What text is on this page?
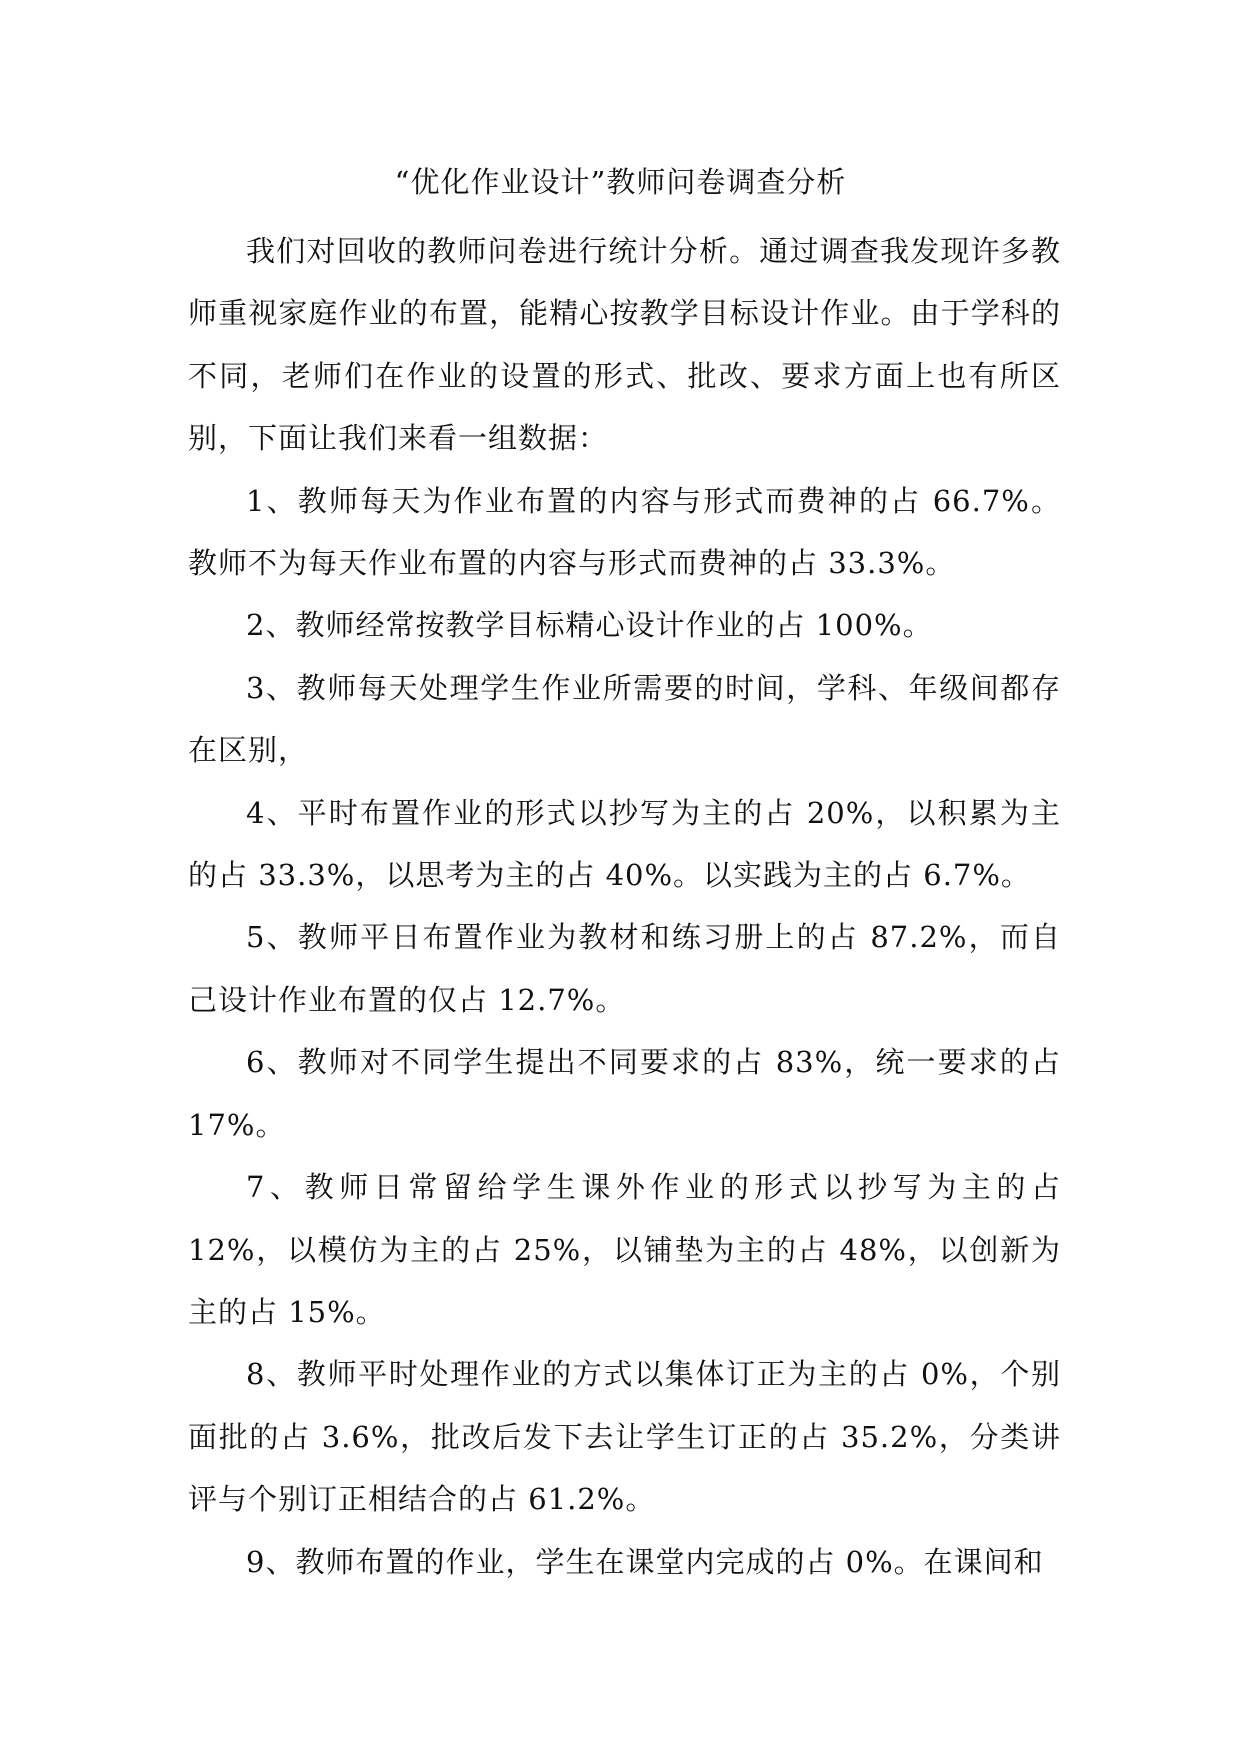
“优化作业设计”教师问卷调查分析

我们对回收的教师问卷进行统计分析。通过调查我发现许多教师重视家庭作业的布置，能精心按教学目标设计作业。由于学科的不同，老师们在作业的设置的形式、批改、要求方面上也有所区别，下面让我们来看一组数据：

1、教师每天为作业布置的内容与形式而费神的占 66.7%。教师不为每天作业布置的内容与形式而费神的占 33.3%。

2、教师经常按教学目标精心设计作业的占 100%。

3、教师每天处理学生作业所需要的时间，学科、年级间都存在区别，

4、平时布置作业的形式以抄写为主的占 20%，以积累为主的占 33.3%，以思考为主的占 40%。以实践为主的占 6.7%。

5、教师平日布置作业为教材和练习册上的占 87.2%，而自己设计作业布置的仅占 12.7%。

6、教师对不同学生提出不同要求的占 83%，统一要求的占 17%。

7、教师日常留给学生课外作业的形式以抄写为主的占 12%，以模仿为主的占 25%，以铺垫为主的占 48%，以创新为主的占 15%。

8、教师平时处理作业的方式以集体订正为主的占 0%，个别面批的占 3.6%，批改后发下去让学生订正的占 35.2%，分类讲评与个别订正相结合的占 61.2%。

9、教师布置的作业，学生在课堂内完成的占 0%。在课间和
